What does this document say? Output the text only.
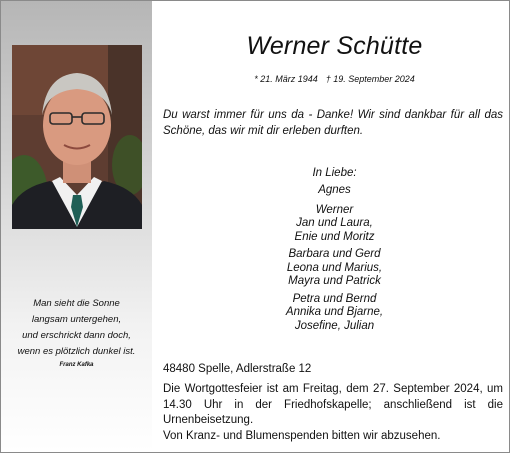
Man sieht die Sonne
langsam untergehen,
und erschrickt dann doch,
wenn es plötzlich dunkel ist.
Franz Kafka
Werner Schütte
* 21. März 1944 † 19. September 2024
Du warst immer für uns da - Danke! Wir sind dankbar für all das Schöne, das wir mit dir erleben durften.
In Liebe:
Agnes
Werner
Jan und Laura,
Enie und Moritz
Barbara und Gerd
Leona und Marius,
Mayra und Patrick
Petra und Bernd
Annika und Bjarne,
Josefine, Julian
48480 Spelle, Adlerstraße 12
Die Wortgottesfeier ist am Freitag, dem 27. September 2024, um 14.30 Uhr in der Friedhofskapelle; anschließend ist die Urnenbeisetzung.
Von Kranz- und Blumenspenden bitten wir abzusehen.
